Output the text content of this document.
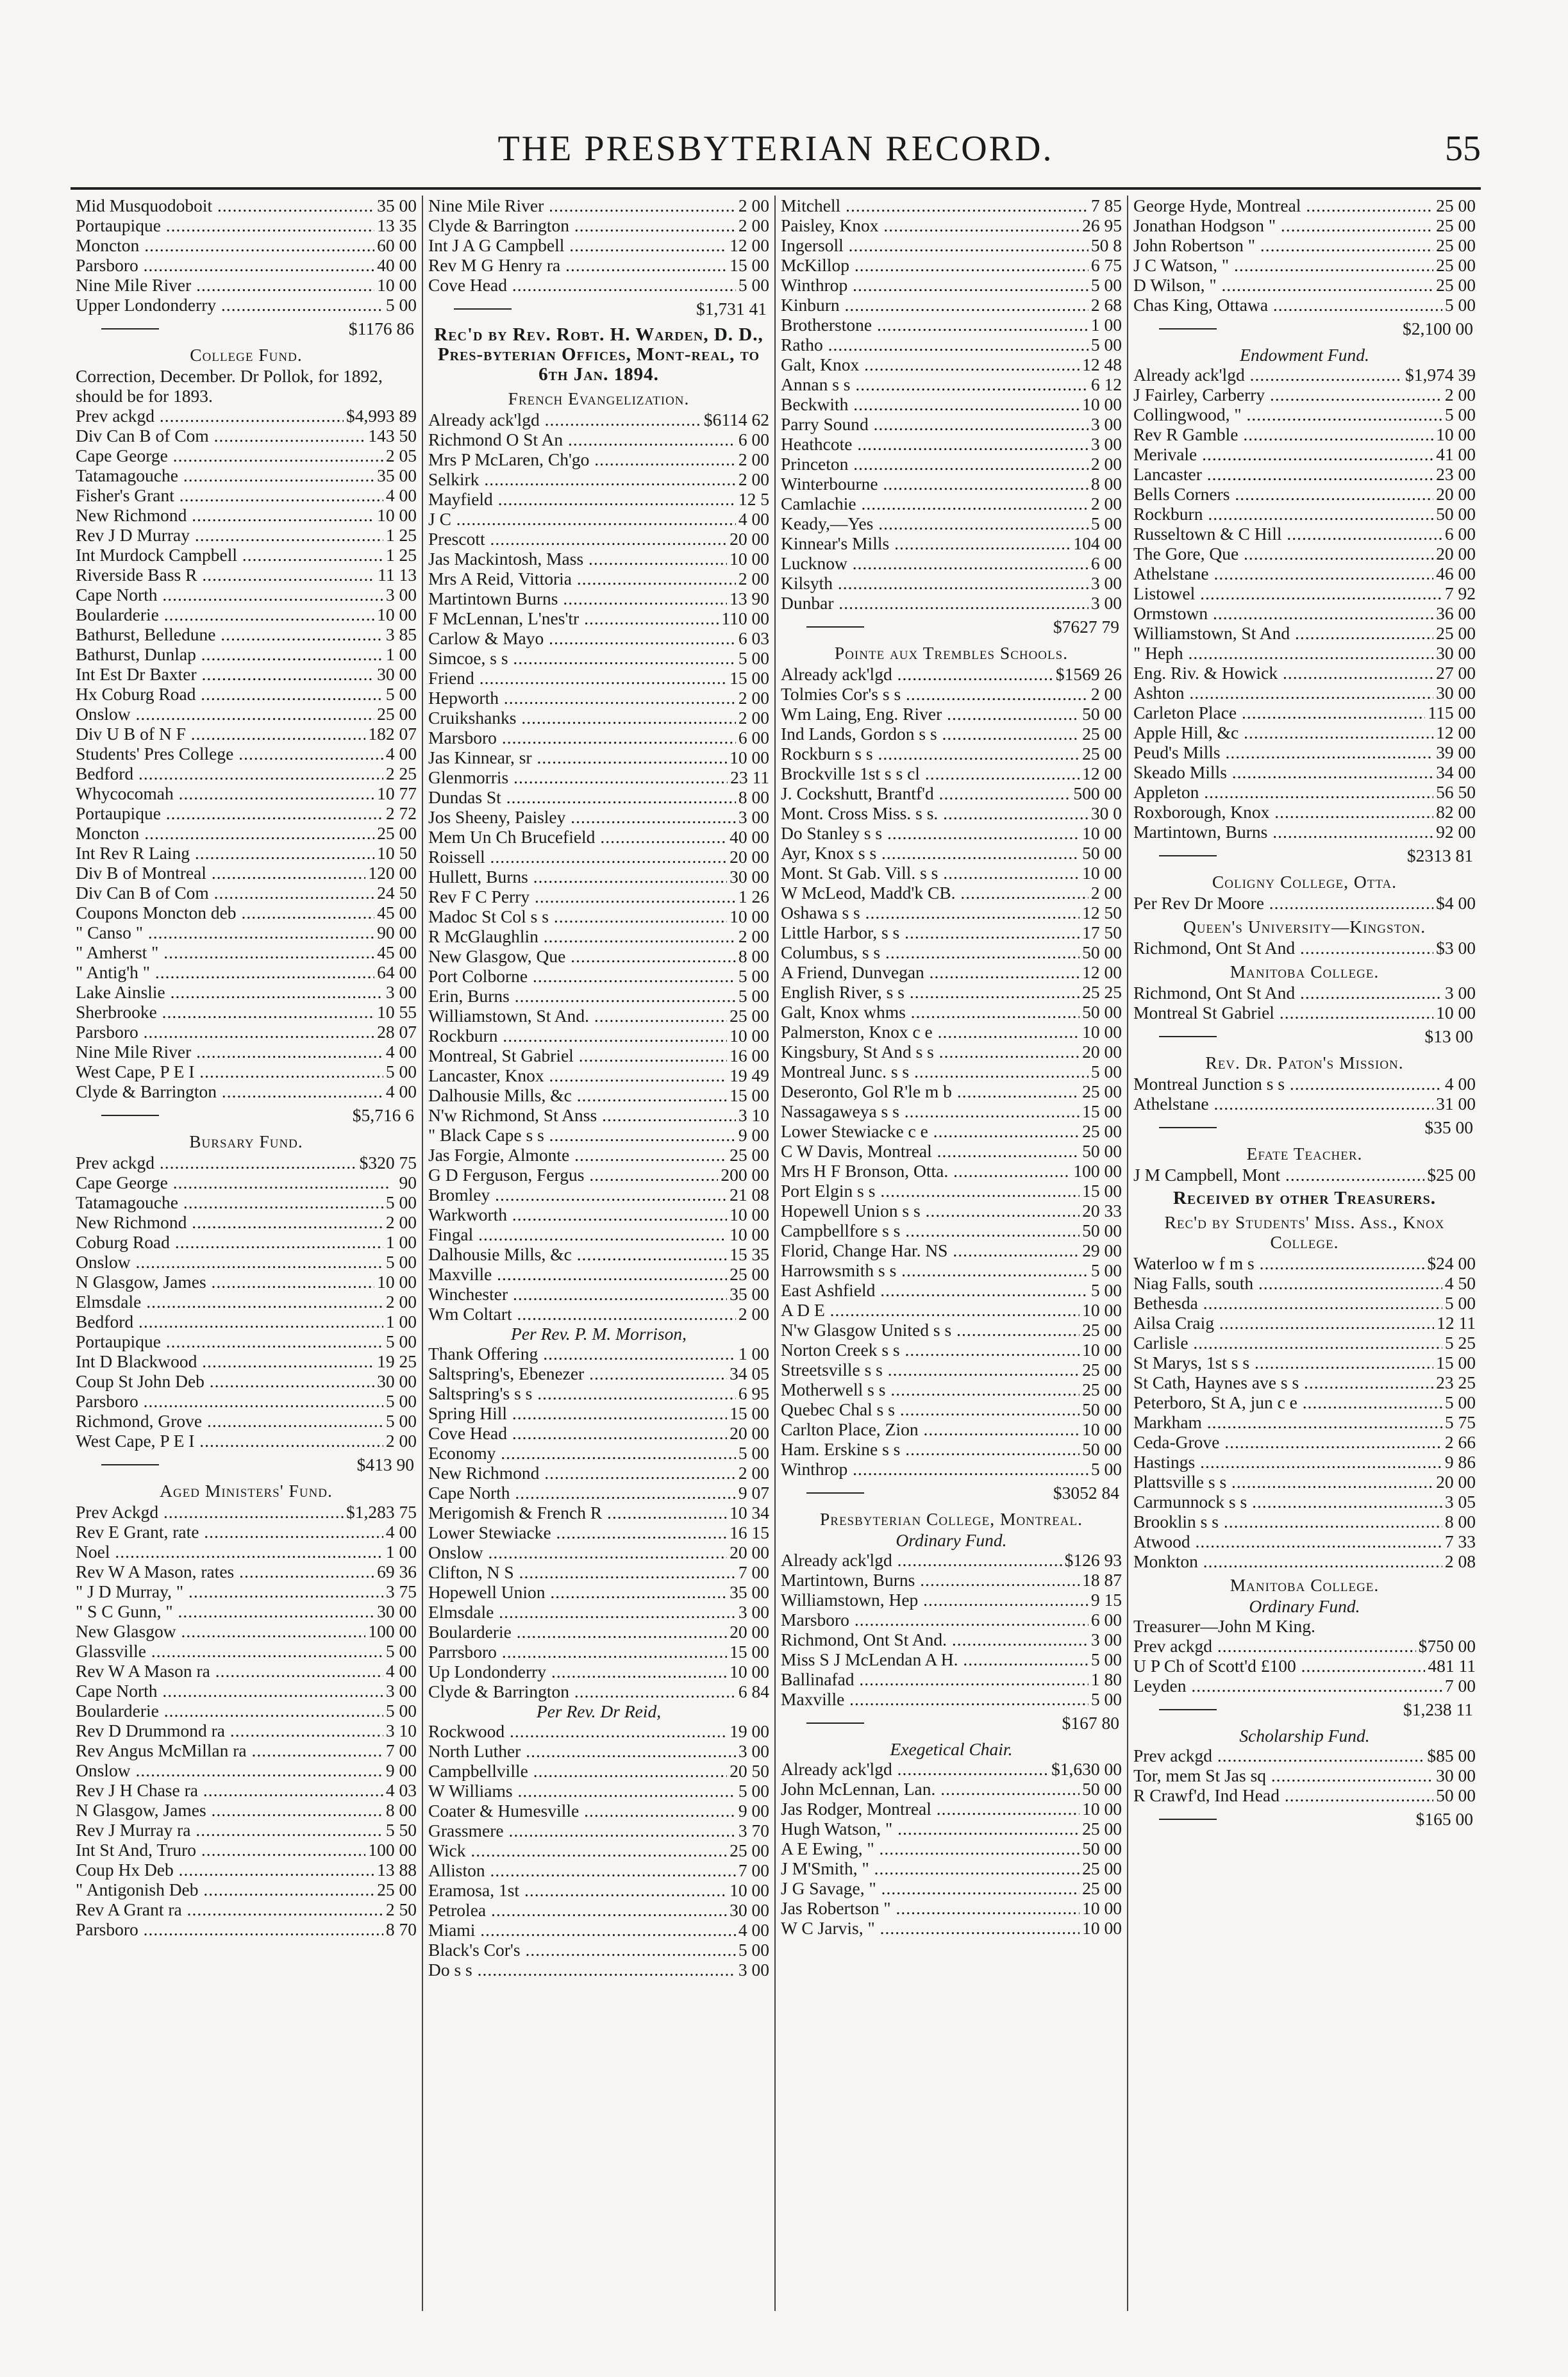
THE PRESBYTERIAN RECORD.	55
Mid Musquodoboit .....	35 00
Portaupique .....	13 35
Moncton .....	60 00
Parsboro .....	40 00
Nine Mile River .....	10 00
Upper Londonderry .....	5 00
$1176 86
College Fund.
Correction, December. Dr Pollok, for 1892, should be for 1893.
Prev ackgd .....	$4,993 89
Div Can B of Com .....	143 50
Cape George .....	2 05
Tatamagouche .....	35 00
Fisher's Grant .....	4 00
New Richmond .....	10 00
Rev J D Murray .....	1 25
Int Murdock Campbell .....	1 25
Riverside Bass R .....	11 13
Cape North .....	3 00
Boularderie .....	10 00
Bathurst, Belledune .....	3 85
Bathurst, Dunlap .....	1 00
Int Est Dr Baxter .....	30 00
Hx Coburg Road .....	5 00
Onslow .....	25 00
Div U B of N F .....	182 07
Students' Pres College .....	4 00
Bedford .....	2 25
Whycocomah .....	10 77
Portaupique .....	2 72
Moncton .....	25 00
Int Rev R Laing .....	10 50
Div B of Montreal .....	120 00
Div Can B of Com .....	24 50
Coupons Moncton deb .....	45 00
" Canso " .....	90 00
" Amherst " .....	45 00
" Antig'h " .....	64 00
Lake Ainslie .....	3 00
Sherbrooke .....	10 55
Parsboro .....	28 07
Nine Mile River .....	4 00
West Cape, P E I .....	5 00
Clyde & Barrington .....	4 00
$5,716 6
Bursary Fund.
Prev ackgd .....	$320 75
Cape George .....	90
Tatamagouche .....	5 00
New Richmond .....	2 00
Coburg Road .....	1 00
Onslow .....	5 00
N Glasgow, James .....	10 00
Elmsdale .....	2 00
Bedford .....	1 00
Portaupique .....	5 00
Int D Blackwood .....	19 25
Coup St John Deb .....	30 00
Parsboro .....	5 00
Richmond, Grove .....	5 00
West Cape, P E I .....	2 00
$413 90
Aged Ministers' Fund.
Prev Ackgd .....	$1,283 75
Rev E Grant, rate .....	4 00
Noel .....	1 00
Rev W A Mason, rates .....	69 36
" J D Murray, " .....	3 75
" S C Gunn, " .....	30 00
New Glasgow .....	100 00
Glassville .....	5 00
Rev W A Mason ra .....	4 00
Cape North .....	3 00
Boularderie .....	5 00
Rev D Drummond ra .....	3 10
Rev Angus McMillan ra .....	7 00
Onslow .....	9 00
Rev J H Chase ra .....	4 03
N Glasgow, James .....	8 00
Rev J Murray ra .....	5 50
Int St And, Truro .....	100 00
Coup Hx Deb .....	13 88
" Antigonish Deb .....	25 00
Rev A Grant ra .....	2 50
Parsboro .....	8 70
Nine Mile River .....	2 00
Clyde & Barrington .....	2 00
Int J A G Campbell .....	12 00
Rev M G Henry ra .....	15 00
Cove Head .....	5 00
$1,731 41
Rec'd by Rev. Robt. H. Warden, D. D., Pres-byterian Offices, Mont-real, to 6th Jan. 1894.
French Evangelization.
Already ack'lgd .....	$6114 62
Richmond O St An .....	6 00
Mrs P McLaren, Ch'go .....	2 00
Selkirk .....	2 00
Mayfield .....	12 5
J C .....	4 00
Prescott .....	20 00
Jas Mackintosh, Mass .....	10 00
Mrs A Reid, Vittoria .....	2 00
Martintown Burns .....	13 90
F McLennan, L'nes'tr .....	110 00
Carlow & Mayo .....	6 03
Simcoe, s s .....	5 00
Friend .....	15 00
Hepworth .....	2 00
Cruikshanks .....	2 00
Marsboro .....	6 00
Jas Kinnear, sr .....	10 00
Glenmorris .....	23 11
Dundas St .....	8 00
Jos Sheeny, Paisley .....	3 00
Mem Un Ch Brucefield .....	40 00
Roissell .....	20 00
Hullett, Burns .....	30 00
Rev F C Perry .....	1 26
Madoc St Col s s .....	10 00
R McGlaughlin .....	2 00
New Glasgow, Que .....	8 00
Port Colborne .....	5 00
Erin, Burns .....	5 00
Williamstown, St And. .....	25 00
Rockburn .....	10 00
Montreal, St Gabriel .....	16 00
Lancaster, Knox .....	19 49
Dalhousie Mills, &c .....	15 00
N'w Richmond, St Anss .....	3 10
" Black Cape s s .....	9 00
Jas Forgie, Almonte .....	25 00
G D Ferguson, Fergus .....	200 00
Bromley .....	21 08
Warkworth .....	10 00
Fingal .....	10 00
Dalhousie Mills, &c .....	15 35
Maxville .....	25 00
Winchester .....	35 00
Wm Coltart .....	2 00
Per Rev. P. M. Morrison,
Thank Offering .....	1 00
Saltspring's, Ebenezer .....	34 05
Saltspring's s s .....	6 95
Spring Hill .....	15 00
Cove Head .....	20 00
Economy .....	5 00
New Richmond .....	2 00
Cape North .....	9 07
Merigomish & French R .....	10 34
Lower Stewiacke .....	16 15
Onslow .....	20 00
Clifton, N S .....	7 00
Hopewell Union .....	35 00
Elmsdale .....	3 00
Boularderie .....	20 00
Parrsboro .....	15 00
Up Londonderry .....	10 00
Clyde & Barrington .....	6 84
Per Rev. Dr Reid,
Rockwood .....	19 00
North Luther .....	3 00
Campbellville .....	20 50
W Williams .....	5 00
Coater & Humesville .....	9 00
Grassmere .....	3 70
Wick .....	25 00
Alliston .....	7 00
Eramosa, 1st .....	10 00
Petrolea .....	30 00
Miami .....	4 00
Black's Cor's .....	5 00
Do s s .....	3 00
Mitchell .....	7 85
Paisley, Knox .....	26 95
Ingersoll .....	50 8
McKillop .....	6 75
Winthrop .....	5 00
Kinburn .....	2 68
Brotherstone .....	1 00
Ratho .....	5 00
Galt, Knox .....	12 48
Annan s s .....	6 12
Beckwith .....	10 00
Parry Sound .....	3 00
Heathcote .....	3 00
Princeton .....	2 00
Winterbourne .....	8 00
Camlachie .....	2 00
Keady,—Yes .....	5 00
Kinnear's Mills .....	104 00
Lucknow .....	6 00
Kilsyth .....	3 00
Dunbar .....	3 00
$7627 79
Pointe aux Trembles Schools.
Already ack'lgd .....	$1569 26
Tolmies Cor's s s .....	2 00
Wm Laing, Eng. River .....	50 00
Ind Lands, Gordon s s .....	25 00
Rockburn s s .....	25 00
Brockville 1st s s cl .....	12 00
J. Cockshutt, Brantf'd .....	500 00
Mont. Cross Miss. s s. .....	30 0
Do Stanley s s .....	10 00
Ayr, Knox s s .....	50 00
Mont. St Gab. Vill. s s .....	10 00
W McLeod, Madd'k CB. .....	2 00
Oshawa s s .....	12 50
Little Harbor, s s .....	17 50
Columbus, s s .....	50 00
A Friend, Dunvegan .....	12 00
English River, s s .....	25 25
Galt, Knox whms .....	50 00
Palmerston, Knox c e .....	10 00
Kingsbury, St And s s .....	20 00
Montreal Junc. s s .....	5 00
Deseronto, Gol R'le m b .....	25 00
Nassagaweya s s .....	15 00
Lower Stewiacke c e .....	25 00
C W Davis, Montreal .....	50 00
Mrs H F Bronson, Otta. .....	100 00
Port Elgin s s .....	15 00
Hopewell Union s s .....	20 33
Campbellfore s s .....	50 00
Florid, Change Har. NS .....	29 00
Harrowsmith s s .....	5 00
East Ashfield .....	5 00
A D E .....	10 00
N'w Glasgow United s s .....	25 00
Norton Creek s s .....	10 00
Streetsville s s .....	25 00
Motherwell s s .....	25 00
Quebec Chal s s .....	50 00
Carlton Place, Zion .....	10 00
Ham. Erskine s s .....	50 00
Winthrop .....	5 00
$3052 84
Presbyterian College, Montreal.
Ordinary Fund.
Already ack'lgd .....	$126 93
Martintown, Burns .....	18 87
Williamstown, Hep .....	9 15
Marsboro .....	6 00
Richmond, Ont St And. .....	3 00
Miss S J McLendan A H. .....	5 00
Ballinafad .....	1 80
Maxville .....	5 00
$167 80
Exegetical Chair.
Already ack'lgd .....	$1,630 00
John McLennan, Lan. .....	50 00
Jas Rodger, Montreal .....	10 00
Hugh Watson, " .....	25 00
A E Ewing, " .....	50 00
J M'Smith, " .....	25 00
J G Savage, " .....	25 00
Jas Robertson " .....	10 00
W C Jarvis, " .....	10 00
George Hyde, Montreal .....	25 00
Jonathan Hodgson " .....	25 00
John Robertson " .....	25 00
J C Watson, " .....	25 00
D Wilson, " .....	25 00
Chas King, Ottawa .....	5 00
$2,100 00
Endowment Fund.
Already ack'lgd .....	$1,974 39
J Fairley, Carberry .....	2 00
Collingwood, " .....	5 00
Rev R Gamble .....	10 00
Merivale .....	41 00
Lancaster .....	23 00
Bells Corners .....	20 00
Rockburn .....	50 00
Russeltown & C Hill .....	6 00
The Gore, Que .....	20 00
Athelstane .....	46 00
Listowel .....	7 92
Ormstown .....	36 00
Williamstown, St And .....	25 00
" Heph .....	30 00
Eng. Riv. & Howick .....	27 00
Ashton .....	30 00
Carleton Place .....	115 00
Apple Hill, &c .....	12 00
Peud's Mills .....	39 00
Skeado Mills .....	34 00
Appleton .....	56 50
Roxborough, Knox .....	82 00
Martintown, Burns .....	92 00
$2313 81
Coligny College, Otta.
Per Rev Dr Moore .....	$4 00
Queen's University—Kingston.
Richmond, Ont St And .....	$3 00
Manitoba College.
Richmond, Ont St And .....	3 00
Montreal St Gabriel .....	10 00
$13 00
Rev. Dr. Paton's Mission.
Montreal Junction s s .....	4 00
Athelstane .....	31 00
$35 00
Efate Teacher.
J M Campbell, Mont .....	$25 00
Received by other Treasurers.
Rec'd by Students' Miss. Ass., Knox College.
Waterloo w f m s .....	$24 00
Niag Falls, south .....	4 50
Bethesda .....	5 00
Ailsa Craig .....	12 11
Carlisle .....	5 25
St Marys, 1st s s .....	15 00
St Cath, Haynes ave s s .....	23 25
Peterboro, St A, jun c e .....	5 00
Markham .....	5 75
Ceda-Grove .....	2 66
Hastings .....	9 86
Plattsville s s .....	20 00
Carmunnock s s .....	3 05
Brooklin s s .....	8 00
Atwood .....	7 33
Monkton .....	2 08
Manitoba College.
Ordinary Fund.
Treasurer—John M King.
Prev ackgd .....	$750 00
U P Ch of Scott'd £100 .....	481 11
Leyden .....	7 00
$1,238 11
Scholarship Fund.
Prev ackgd .....	$85 00
Tor, mem St Jas sq .....	30 00
R Crawf'd, Ind Head .....	50 00
$165 00
